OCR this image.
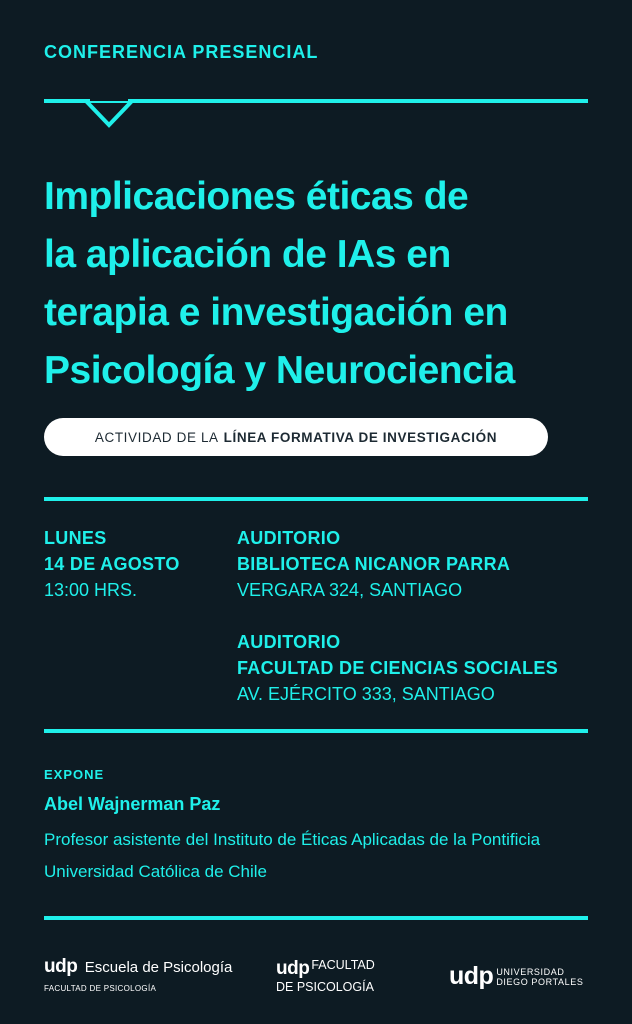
CONFERENCIA PRESENCIAL
Implicaciones éticas de
la aplicación de IAs en
terapia e investigación en
Psicología y Neurociencia
ACTIVIDAD DE LA LÍNEA FORMATIVA DE INVESTIGACIÓN
LUNES
14 DE AGOSTO
13:00 HRS.
AUDITORIO
BIBLIOTECA NICANOR PARRA
VERGARA 324, SANTIAGO
AUDITORIO
FACULTAD DE CIENCIAS SOCIALES
AV. EJÉRCITO 333, SANTIAGO
EXPONE
Abel Wajnerman Paz
Profesor asistente del Instituto de Éticas Aplicadas de la Pontificia
Universidad Católica de Chile
udp Escuela de Psicología
FACULTAD DE PSICOLOGÍA
udp FACULTAD
DE PSICOLOGÍA	udp UNIVERSIDAD
DIEGO PORTALES
